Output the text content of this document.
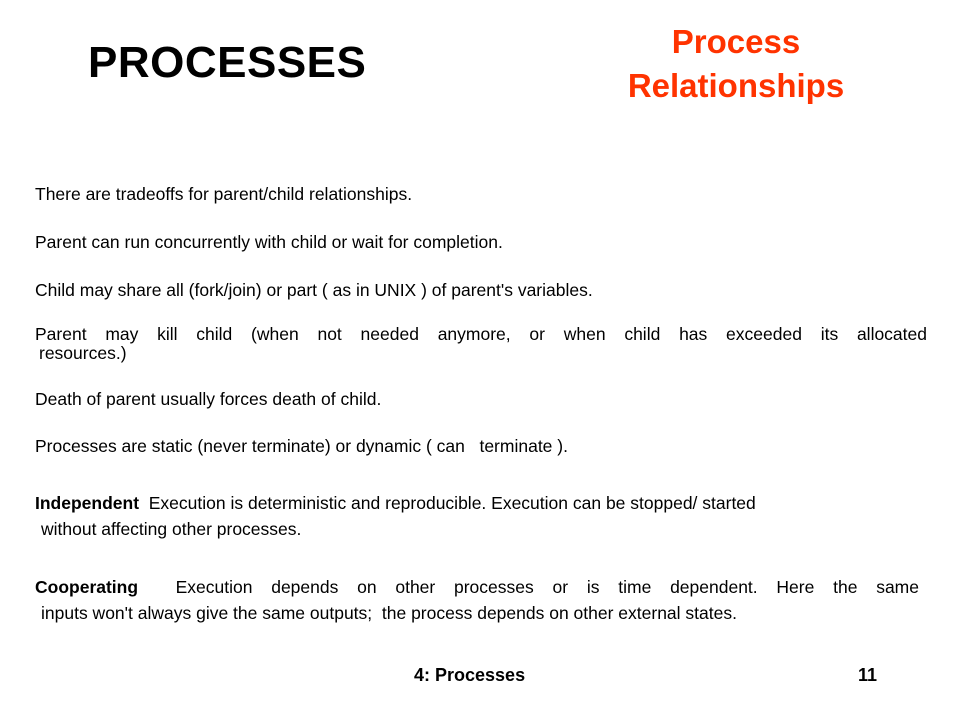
PROCESSES	Process
Relationships

There are tradeoffs for parent/child relationships.

Parent can run concurrently with child or wait for completion.

Child may share all (fork/join) or part ( as in UNIX ) of parent's variables.

Parent may kill child (when not needed anymore, or when child has exceeded its allocated
resources.)

Death of parent usually forces death of child.

Processes are static (never terminate) or dynamic ( can   terminate ).

Independent  Execution is deterministic and reproducible. Execution can be stopped/ started
without affecting other processes.
Cooperating  Execution depends on other processes or is time dependent. Here the same
inputs won't always give the same outputs;  the process depends on other external states.
4: Processes	11
